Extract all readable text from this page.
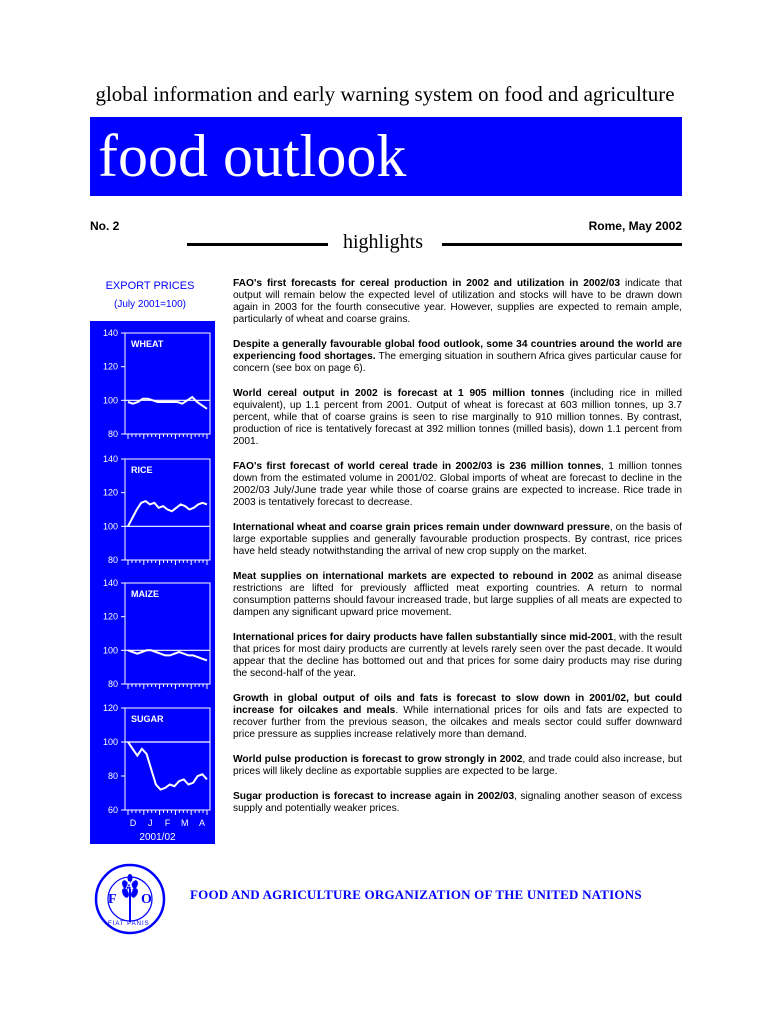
global information and early warning system on food and agriculture
food outlook
No. 2	Rome, May 2002
highlights
EXPORT PRICES
(July 2001=100)
140
120
100
80
WHEAT
140
120
100
80
RICE
140
120
100
80
MAIZE
120
100
80
60
SUGAR
D J F M A
2001/02

FAO's first forecasts for cereal production in 2002 and utilization in 2002/03 indicate that output will remain below the expected level of utilization and stocks will have to be drawn down again in 2003 for the fourth consecutive year. However, supplies are expected to remain ample, particularly of wheat and coarse grains.

Despite a generally favourable global food outlook, some 34 countries around the world are experiencing food shortages. The emerging situation in southern Africa gives particular cause for concern (see box on page 6).

World cereal output in 2002 is forecast at 1 905 million tonnes (including rice in milled equivalent), up 1.1 percent from 2001. Output of wheat is forecast at 603 million tonnes, up 3.7 percent, while that of coarse grains is seen to rise marginally to 910 million tonnes. By contrast, production of rice is tentatively forecast at 392 million tonnes (milled basis), down 1.1 percent from 2001.

FAO's first forecast of world cereal trade in 2002/03 is 236 million tonnes, 1 million tonnes down from the estimated volume in 2001/02. Global imports of wheat are forecast to decline in the 2002/03 July/June trade year while those of coarse grains are expected to increase. Rice trade in 2003 is tentatively forecast to decrease.

International wheat and coarse grain prices remain under downward pressure, on the basis of large exportable supplies and generally favourable production prospects. By contrast, rice prices have held steady notwithstanding the arrival of new crop supply on the market.

Meat supplies on international markets are expected to rebound in 2002 as animal disease restrictions are lifted for previously afflicted meat exporting countries. A return to normal consumption patterns should favour increased trade, but large supplies of all meats are expected to dampen any significant upward price movement.

International prices for dairy products have fallen substantially since mid-2001, with the result that prices for most dairy products are currently at levels rarely seen over the past decade. It would appear that the decline has bottomed out and that prices for some dairy products may rise during the second-half of the year.

Growth in global output of oils and fats is forecast to slow down in 2001/02, but could increase for oilcakes and meals. While international prices for oils and fats are expected to recover further from the previous season, the oilcakes and meals sector could suffer downward price pressure as supplies increase relatively more than demand.

World pulse production is forecast to grow strongly in 2002, and trade could also increase, but prices will likely decline as exportable supplies are expected to be large.

Sugar production is forecast to increase again in 2002/03, signaling another season of excess supply and potentially weaker prices.

F
A
O
FIAT PANIS
FOOD AND AGRICULTURE ORGANIZATION OF THE UNITED NATIONS
